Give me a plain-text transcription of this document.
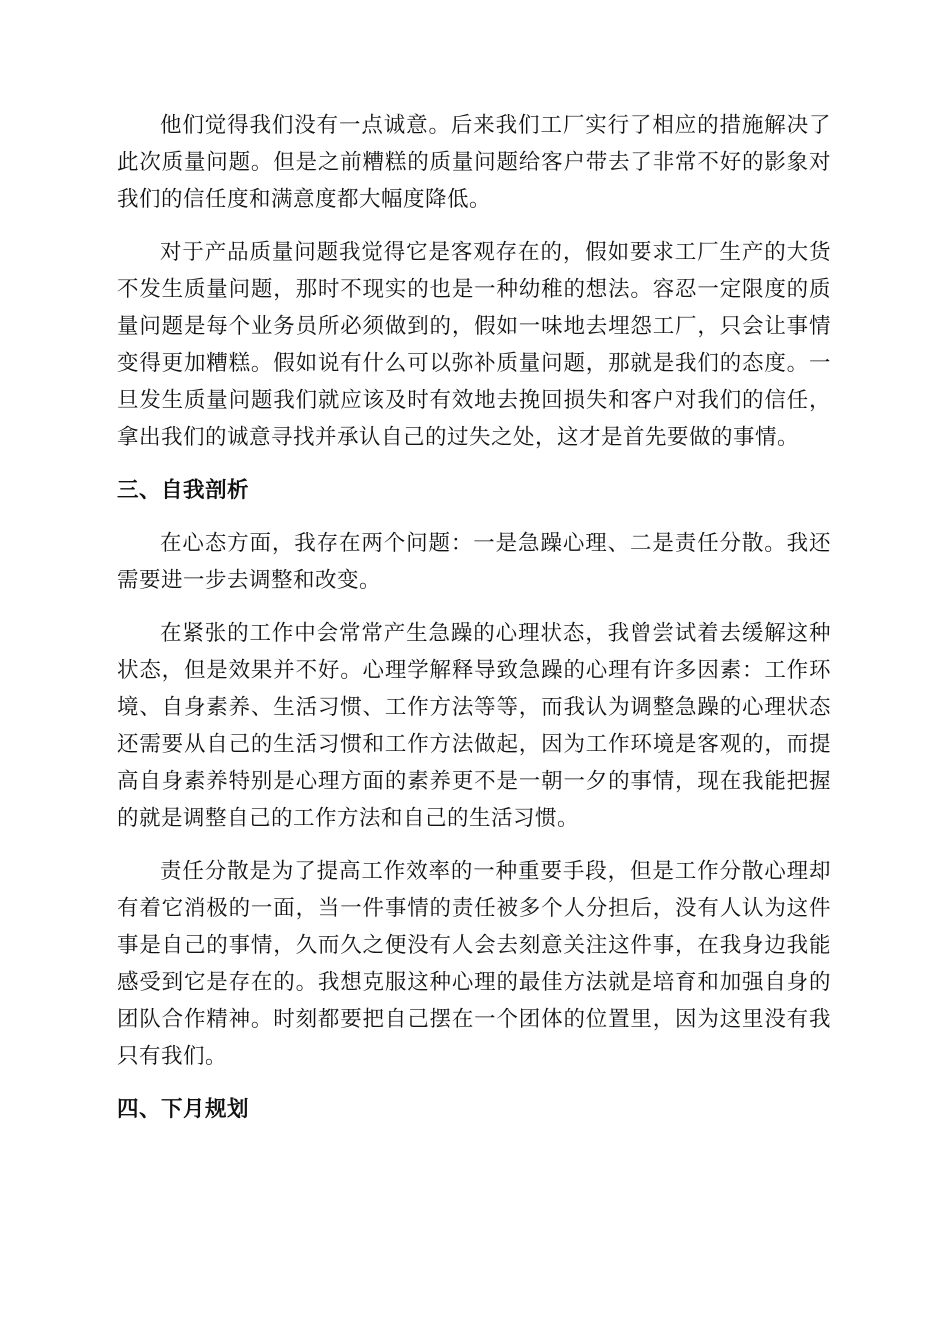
他们觉得我们没有一点诚意。后来我们工厂实行了相应的措施解决了此次质量问题。但是之前糟糕的质量问题给客户带去了非常不好的影象对我们的信任度和满意度都大幅度降低。

对于产品质量问题我觉得它是客观存在的，假如要求工厂生产的大货不发生质量问题，那时不现实的也是一种幼稚的想法。容忍一定限度的质量问题是每个业务员所必须做到的，假如一味地去埋怨工厂，只会让事情变得更加糟糕。假如说有什么可以弥补质量问题，那就是我们的态度。一旦发生质量问题我们就应该及时有效地去挽回损失和客户对我们的信任，拿出我们的诚意寻找并承认自己的过失之处，这才是首先要做的事情。

三、自我剖析

在心态方面，我存在两个问题：一是急躁心理、二是责任分散。我还需要进一步去调整和改变。

在紧张的工作中会常常产生急躁的心理状态，我曾尝试着去缓解这种状态，但是效果并不好。心理学解释导致急躁的心理有许多因素：工作环境、自身素养、生活习惯、工作方法等等，而我认为调整急躁的心理状态还需要从自己的生活习惯和工作方法做起，因为工作环境是客观的，而提高自身素养特别是心理方面的素养更不是一朝一夕的事情，现在我能把握的就是调整自己的工作方法和自己的生活习惯。

责任分散是为了提高工作效率的一种重要手段，但是工作分散心理却有着它消极的一面，当一件事情的责任被多个人分担后，没有人认为这件事是自己的事情，久而久之便没有人会去刻意关注这件事，在我身边我能感受到它是存在的。我想克服这种心理的最佳方法就是培育和加强自身的团队合作精神。时刻都要把自己摆在一个团体的位置里，因为这里没有我只有我们。

四、下月规划
